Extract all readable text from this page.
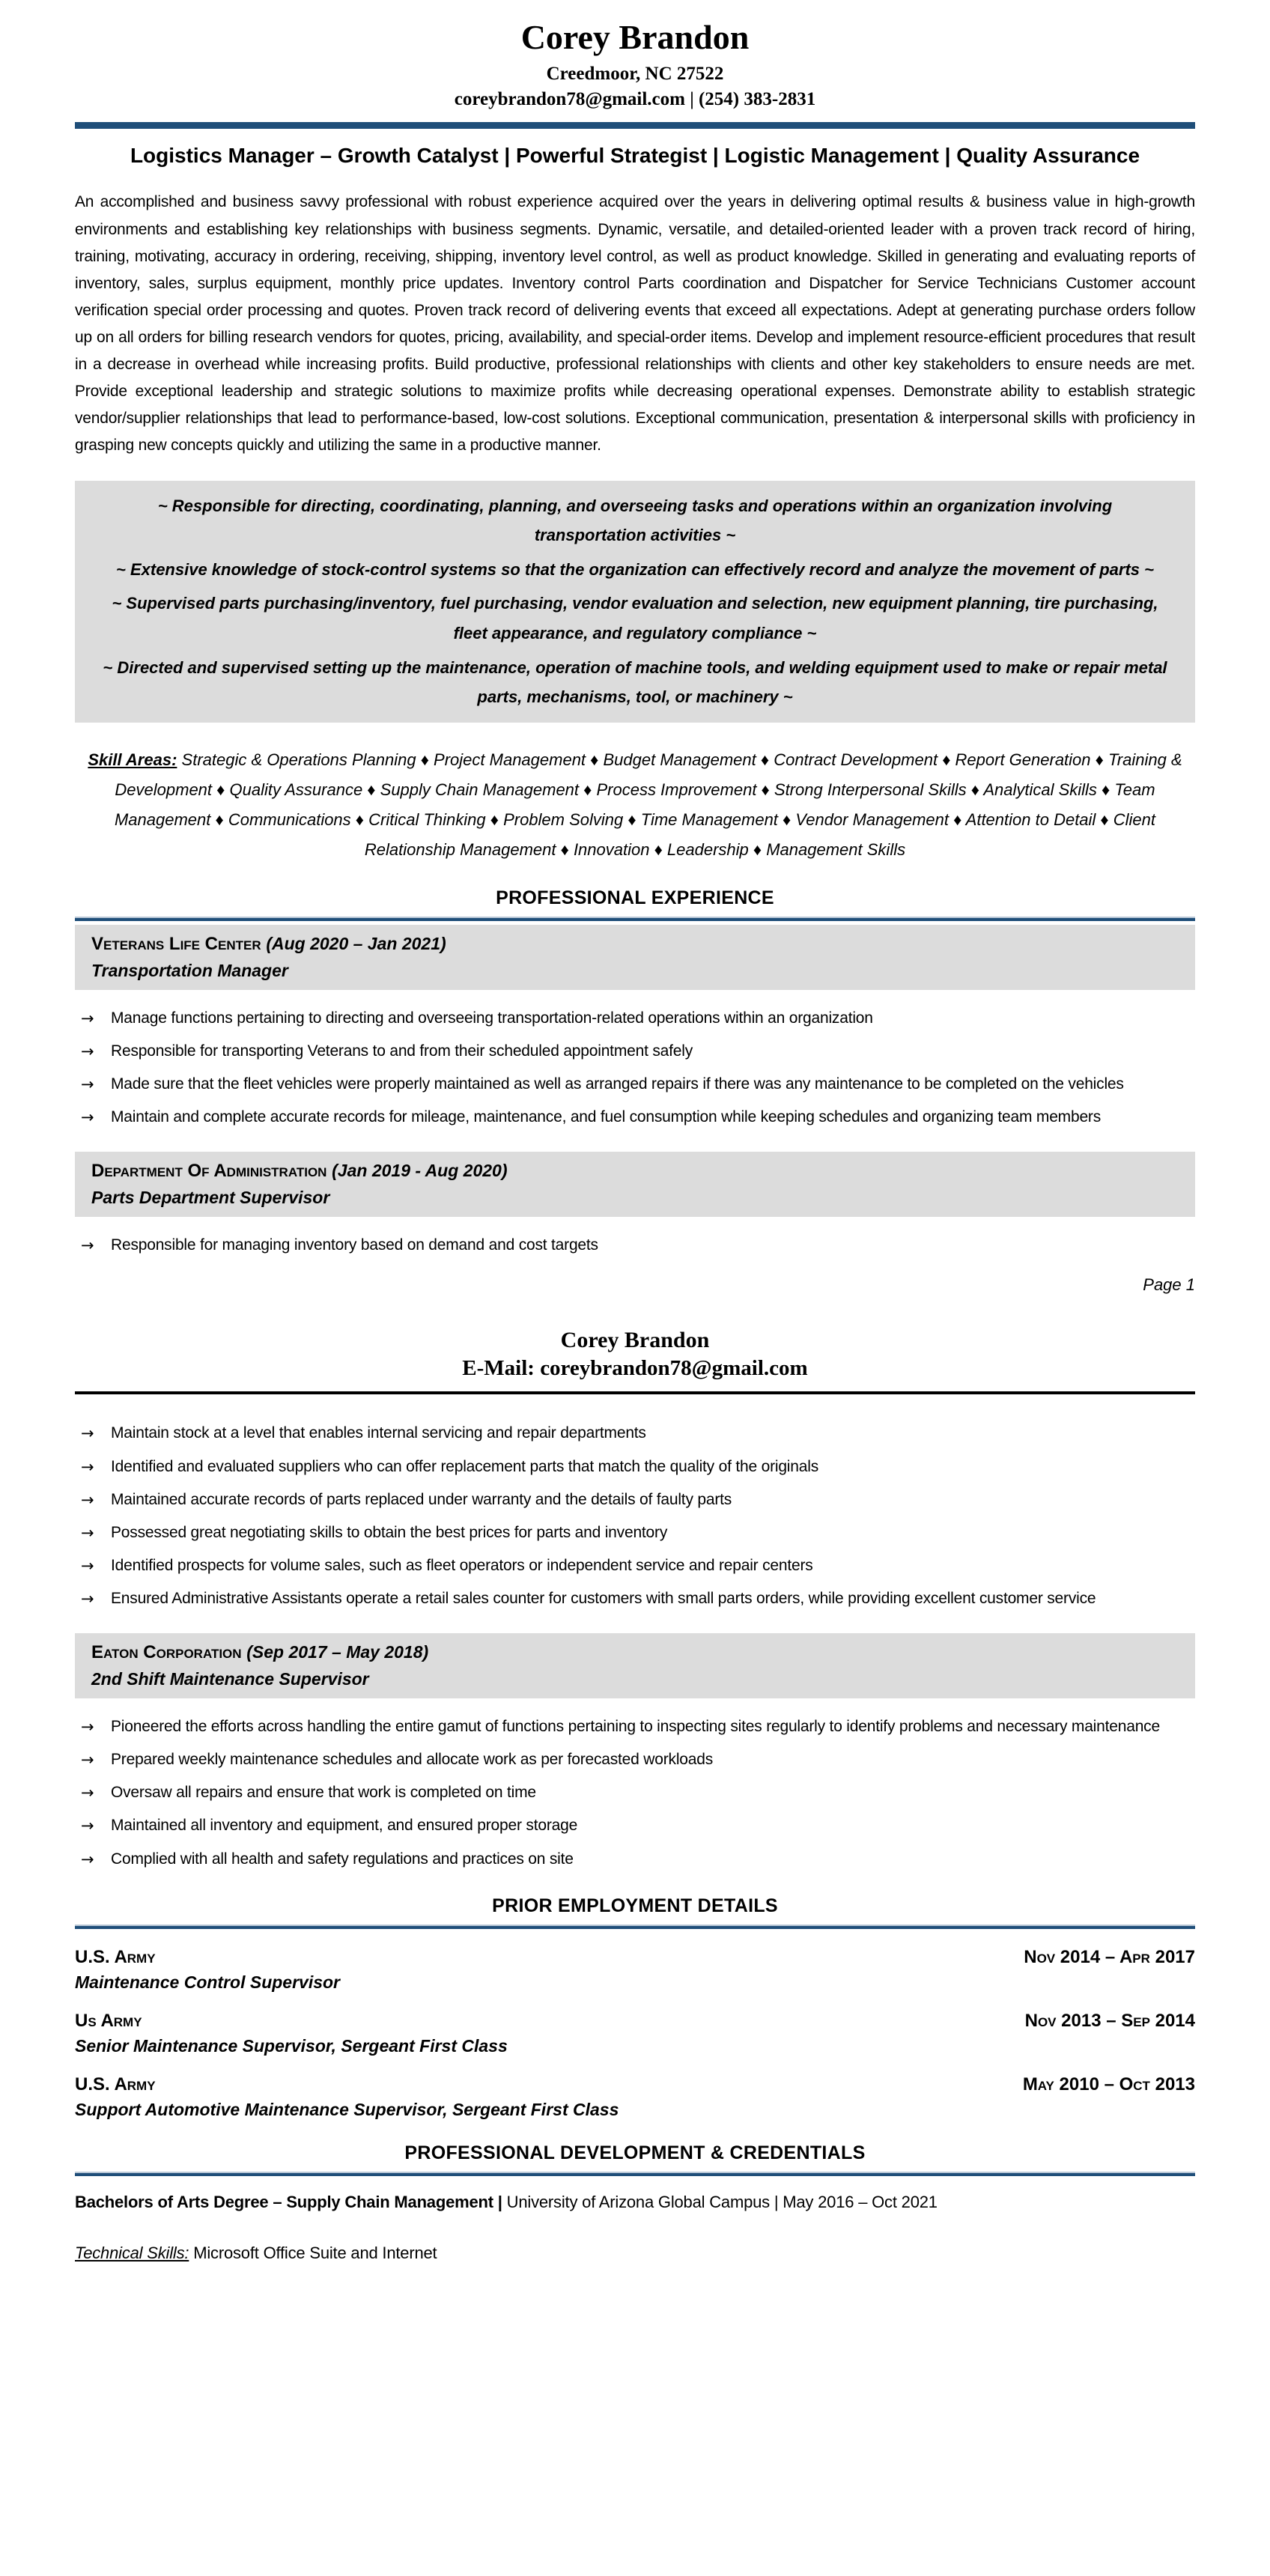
Corey Brandon
Creedmoor, NC 27522
coreybrandon78@gmail.com | (254) 383-2831
Logistics Manager – Growth Catalyst | Powerful Strategist | Logistic Management | Quality Assurance
An accomplished and business savvy professional with robust experience acquired over the years in delivering optimal results & business value in high-growth environments and establishing key relationships with business segments. Dynamic, versatile, and detailed-oriented leader with a proven track record of hiring, training, motivating, accuracy in ordering, receiving, shipping, inventory level control, as well as product knowledge. Skilled in generating and evaluating reports of inventory, sales, surplus equipment, monthly price updates. Inventory control Parts coordination and Dispatcher for Service Technicians Customer account verification special order processing and quotes. Proven track record of delivering events that exceed all expectations. Adept at generating purchase orders follow up on all orders for billing research vendors for quotes, pricing, availability, and special-order items. Develop and implement resource-efficient procedures that result in a decrease in overhead while increasing profits. Build productive, professional relationships with clients and other key stakeholders to ensure needs are met. Provide exceptional leadership and strategic solutions to maximize profits while decreasing operational expenses. Demonstrate ability to establish strategic vendor/supplier relationships that lead to performance-based, low-cost solutions. Exceptional communication, presentation & interpersonal skills with proficiency in grasping new concepts quickly and utilizing the same in a productive manner.

~ Responsible for directing, coordinating, planning, and overseeing tasks and operations within an organization involving transportation activities ~

~ Extensive knowledge of stock-control systems so that the organization can effectively record and analyze the movement of parts ~

~ Supervised parts purchasing/inventory, fuel purchasing, vendor evaluation and selection, new equipment planning, tire purchasing, fleet appearance, and regulatory compliance ~

~ Directed and supervised setting up the maintenance, operation of machine tools, and welding equipment used to make or repair metal parts, mechanisms, tool, or machinery ~

Skill Areas: Strategic & Operations Planning ♦ Project Management ♦ Budget Management ♦ Contract Development ♦ Report Generation ♦ Training & Development ♦ Quality Assurance ♦ Supply Chain Management ♦ Process Improvement ♦ Strong Interpersonal Skills ♦ Analytical Skills ♦ Team Management ♦ Communications ♦ Critical Thinking ♦ Problem Solving ♦ Time Management ♦ Vendor Management ♦ Attention to Detail ♦ Client Relationship Management ♦ Innovation ♦ Leadership ♦ Management Skills
PROFESSIONAL EXPERIENCE
Veterans Life Center (Aug 2020 – Jan 2021)
Transportation Manager
→	Manage functions pertaining to directing and overseeing transportation-related operations within an organization
→	Responsible for transporting Veterans to and from their scheduled appointment safely
→	Made sure that the fleet vehicles were properly maintained as well as arranged repairs if there was any maintenance to be completed on the vehicles
→	Maintain and complete accurate records for mileage, maintenance, and fuel consumption while keeping schedules and organizing team members
Department Of Administration (Jan 2019 - Aug 2020)
Parts Department Supervisor
→	Responsible for managing inventory based on demand and cost targets
Page 1
Corey Brandon
E-Mail: coreybrandon78@gmail.com
→	Maintain stock at a level that enables internal servicing and repair departments
→	Identified and evaluated suppliers who can offer replacement parts that match the quality of the originals
→	Maintained accurate records of parts replaced under warranty and the details of faulty parts
→	Possessed great negotiating skills to obtain the best prices for parts and inventory
→	Identified prospects for volume sales, such as fleet operators or independent service and repair centers
→	Ensured Administrative Assistants operate a retail sales counter for customers with small parts orders, while providing excellent customer service
Eaton Corporation (Sep 2017 – May 2018)
2nd Shift Maintenance Supervisor
→	Pioneered the efforts across handling the entire gamut of functions pertaining to inspecting sites regularly to identify problems and necessary maintenance
→	Prepared weekly maintenance schedules and allocate work as per forecasted workloads
→	Oversaw all repairs and ensure that work is completed on time
→	Maintained all inventory and equipment, and ensured proper storage
→	Complied with all health and safety regulations and practices on site
PRIOR EMPLOYMENT DETAILS
U.S. Army	Nov 2014 – Apr 2017
Maintenance Control Supervisor
Us Army	Nov 2013 – Sep 2014
Senior Maintenance Supervisor, Sergeant First Class
U.S. Army	May 2010 – Oct 2013
Support Automotive Maintenance Supervisor, Sergeant First Class
PROFESSIONAL DEVELOPMENT & CREDENTIALS
Bachelors of Arts Degree – Supply Chain Management | University of Arizona Global Campus | May 2016 – Oct 2021
Technical Skills: Microsoft Office Suite and Internet
